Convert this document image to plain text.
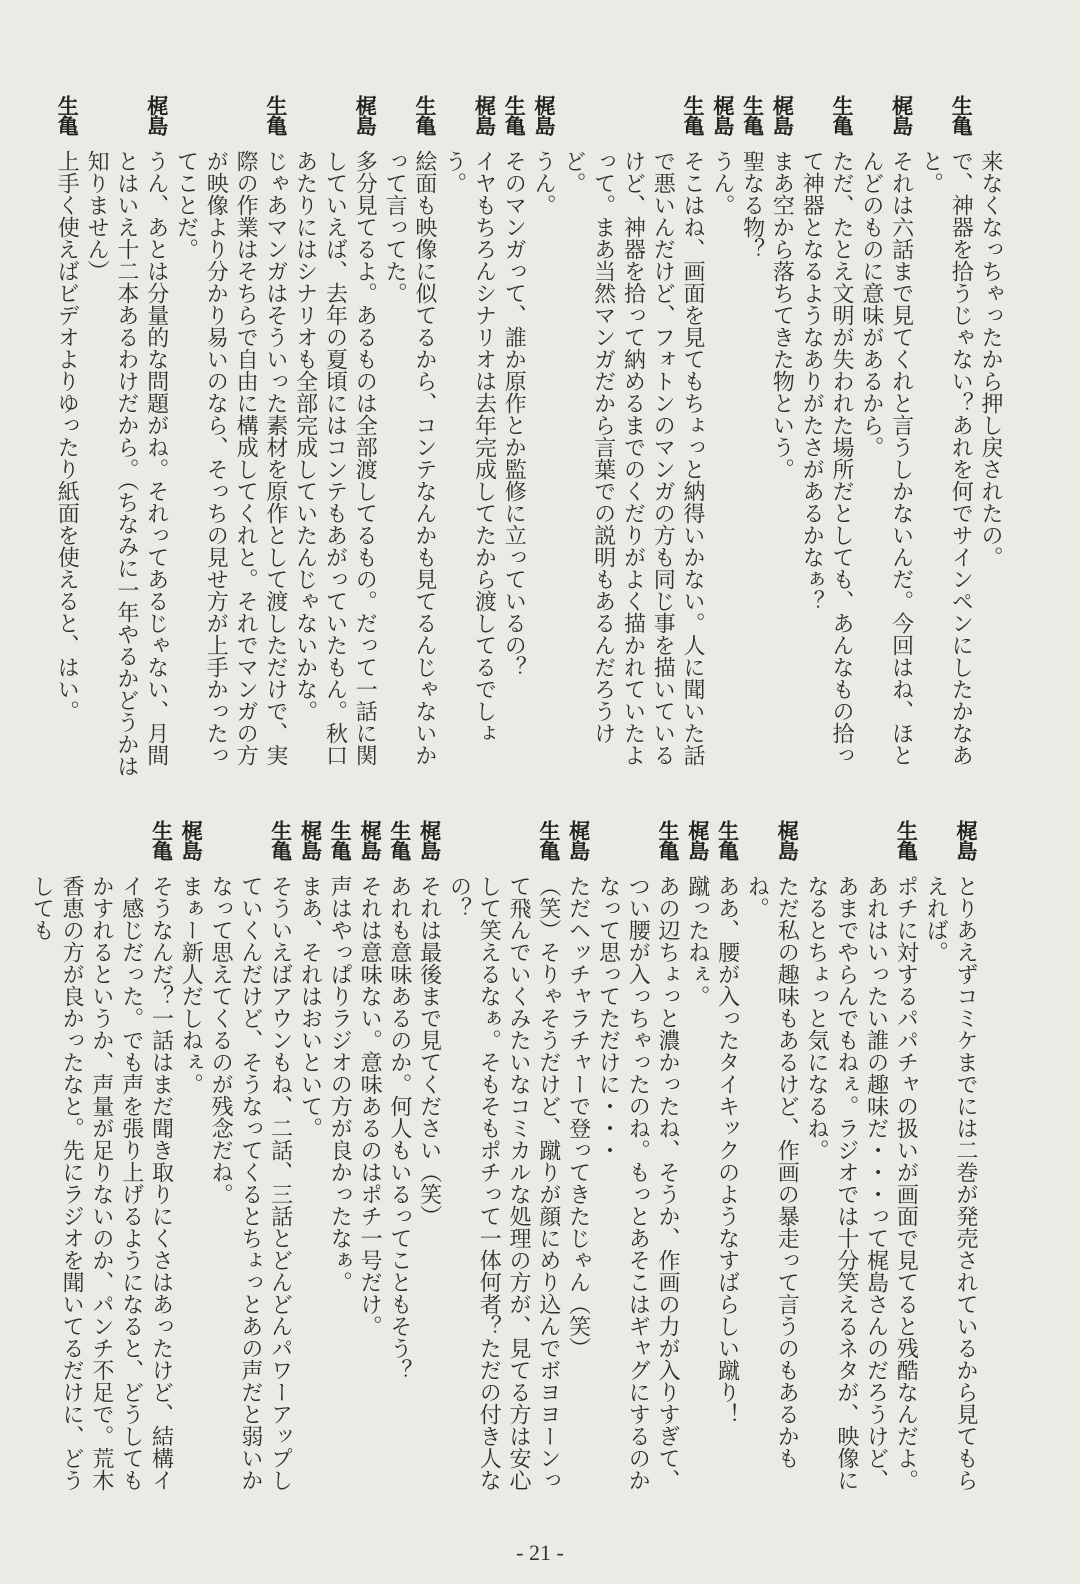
来なくなっちゃったから押し戻されたの。
生亀
で、神器を拾うじゃない？あれを何でサインペンにしたかなあと。
梶島
それは六話まで見てくれと言うしかないんだ。今回はね、ほとんどのものに意味があるから。
生亀
ただ、たとえ文明が失われた場所だとしても、あんなもの拾って神器となるようなありがたさがあるかなぁ？
梶島
まあ空から落ちてきた物という。
生亀
聖なる物？
梶島
うん。
生亀
そこはね、画面を見てもちょっと納得いかない。人に聞いた話で悪いんだけど、フォトンのマンガの方も同じ事を描いているけど、神器を拾って納めるまでのくだりがよく描かれていたよって。まあ当然マンガだから言葉での説明もあるんだろうけど。
梶島
うん。
生亀
そのマンガって、誰か原作とか監修に立っているの？
梶島
イヤもちろんシナリオは去年完成してたから渡してるでしょう。
生亀
絵面も映像に似てるから、コンテなんかも見てるんじゃないかって言ってた。
梶島
多分見てるよ。あるものは全部渡してるもの。だって一話に関していえば、去年の夏頃にはコンテもあがっていたもん。秋口あたりにはシナリオも全部完成していたんじゃないかな。
生亀
じゃあマンガはそういった素材を原作として渡しただけで、実際の作業はそちらで自由に構成してくれと。それでマンガの方が映像より分かり易いのなら、そっちの見せ方が上手かったってことだ。
梶島
うん、あとは分量的な問題がね。それってあるじゃない、月間とはいえ十二本あるわけだから。（ちなみに一年やるかどうかは知りません）
生亀
上手く使えばビデオよりゆったり紙面を使えると、はい。
梶島
とりあえずコミケまでには二巻が発売されているから見てもらえれば。
生亀
ポチに対するパパチャの扱いが画面で見てると残酷なんだよ。あれはいったい誰の趣味だ・・・って梶島さんのだろうけど、あまでやらんでもねぇ。ラジオでは十分笑えるネタが、映像になるとちょっと気になるね。
梶島
ただ私の趣味もあるけど、作画の暴走って言うのもあるかもね。
生亀
ああ、腰が入ったタイキックのようなすばらしい蹴り！
梶島
蹴ったねぇ。
生亀
あの辺ちょっと濃かったね、そうか、作画の力が入りすぎて、つい腰が入っちゃったのね。もっとあそこはギャグにするのかなって思ってただけに・・・
梶島
ただヘッチャラチャーで登ってきたじゃん（笑）
生亀
（笑）そりゃそうだけど、蹴りが顔にめり込んでボヨヨーンって飛んでいくみたいなコミカルな処理の方が、見てる方は安心して笑えるなぁ。そもそもポチって一体何者？ただの付き人なの？
梶島
それは最後まで見てください（笑）
生亀
あれも意味あるのか。何人もいるってこともそう？
梶島
それは意味ない。意味あるのはポチ一号だけ。
生亀
声はやっぱりラジオの方が良かったなぁ。
梶島
まあ、それはおいといて。
生亀
そういえばアウンもね、二話、三話とどんどんパワーアップしていくんだけど、そうなってくるとちょっとあの声だと弱いかなって思えてくるのが残念だね。
梶島
まぁー新人だしねぇ。
生亀
そうなんだ？一話はまだ聞き取りにくさはあったけど、結構イイ感じだった。でも声を張り上げるようになると、どうしてもかすれるというか、声量が足りないのか、パンチ不足で。荒木香恵の方が良かったなと。先にラジオを聞いてるだけに、どうしても
- 21 -
